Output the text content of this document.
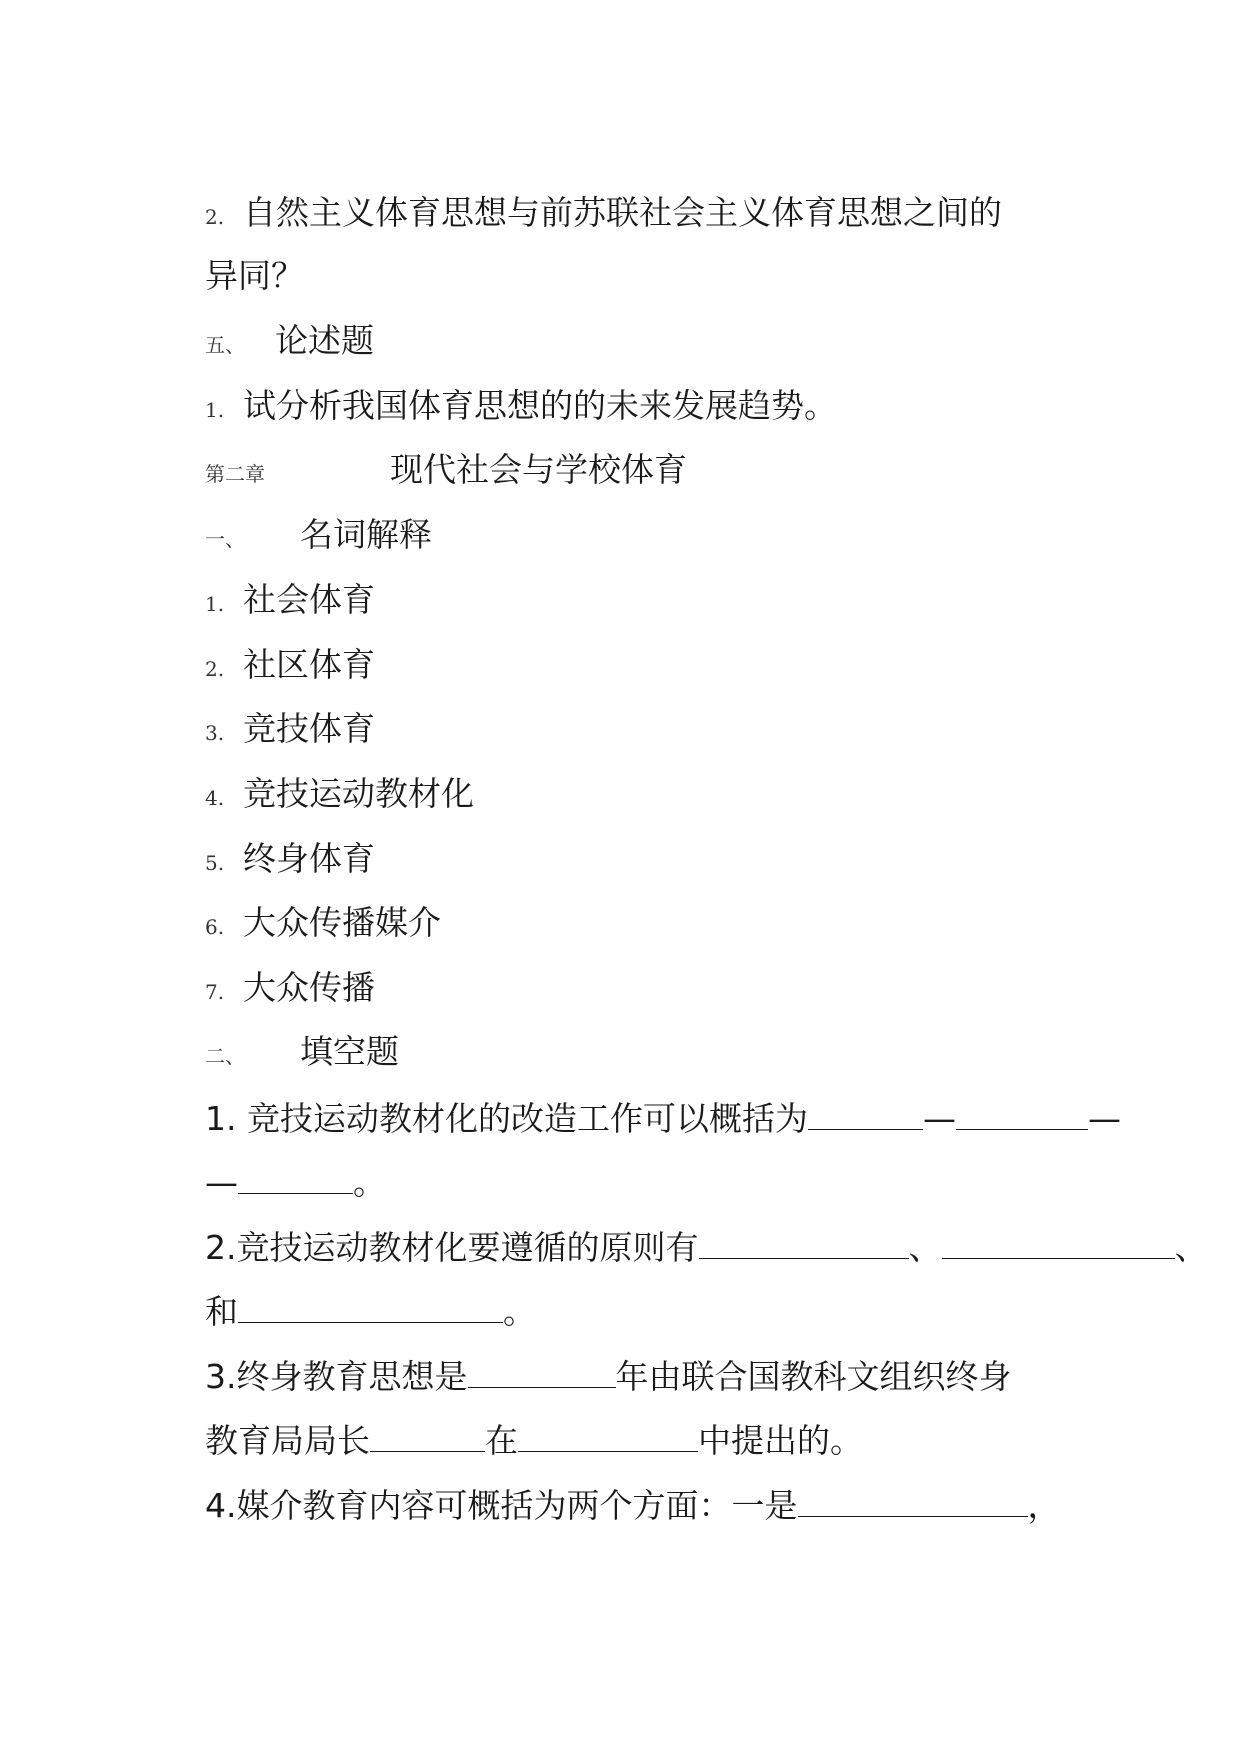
2. 自然主义体育思想与前苏联社会主义体育思想之间的
异同？
五、 论述题
1. 试分析我国体育思想的的未来发展趋势。
第二章	现代社会与学校体育
一、 名词解释
1. 社会体育
2. 社区体育
3. 竞技体育
4. 竞技运动教材化
5. 终身体育
6. 大众传播媒介
7. 大众传播
二、 填空题
1. 竞技运动教材化的改造工作可以概括为	—	—
—	。
2.竞技运动教材化要遵循的原则有	、	、
和	。
3.终身教育思想是	年由联合国教科文组织终身
教育局局长	在	中提出的。
4.媒介教育内容可概括为两个方面：一是	，
